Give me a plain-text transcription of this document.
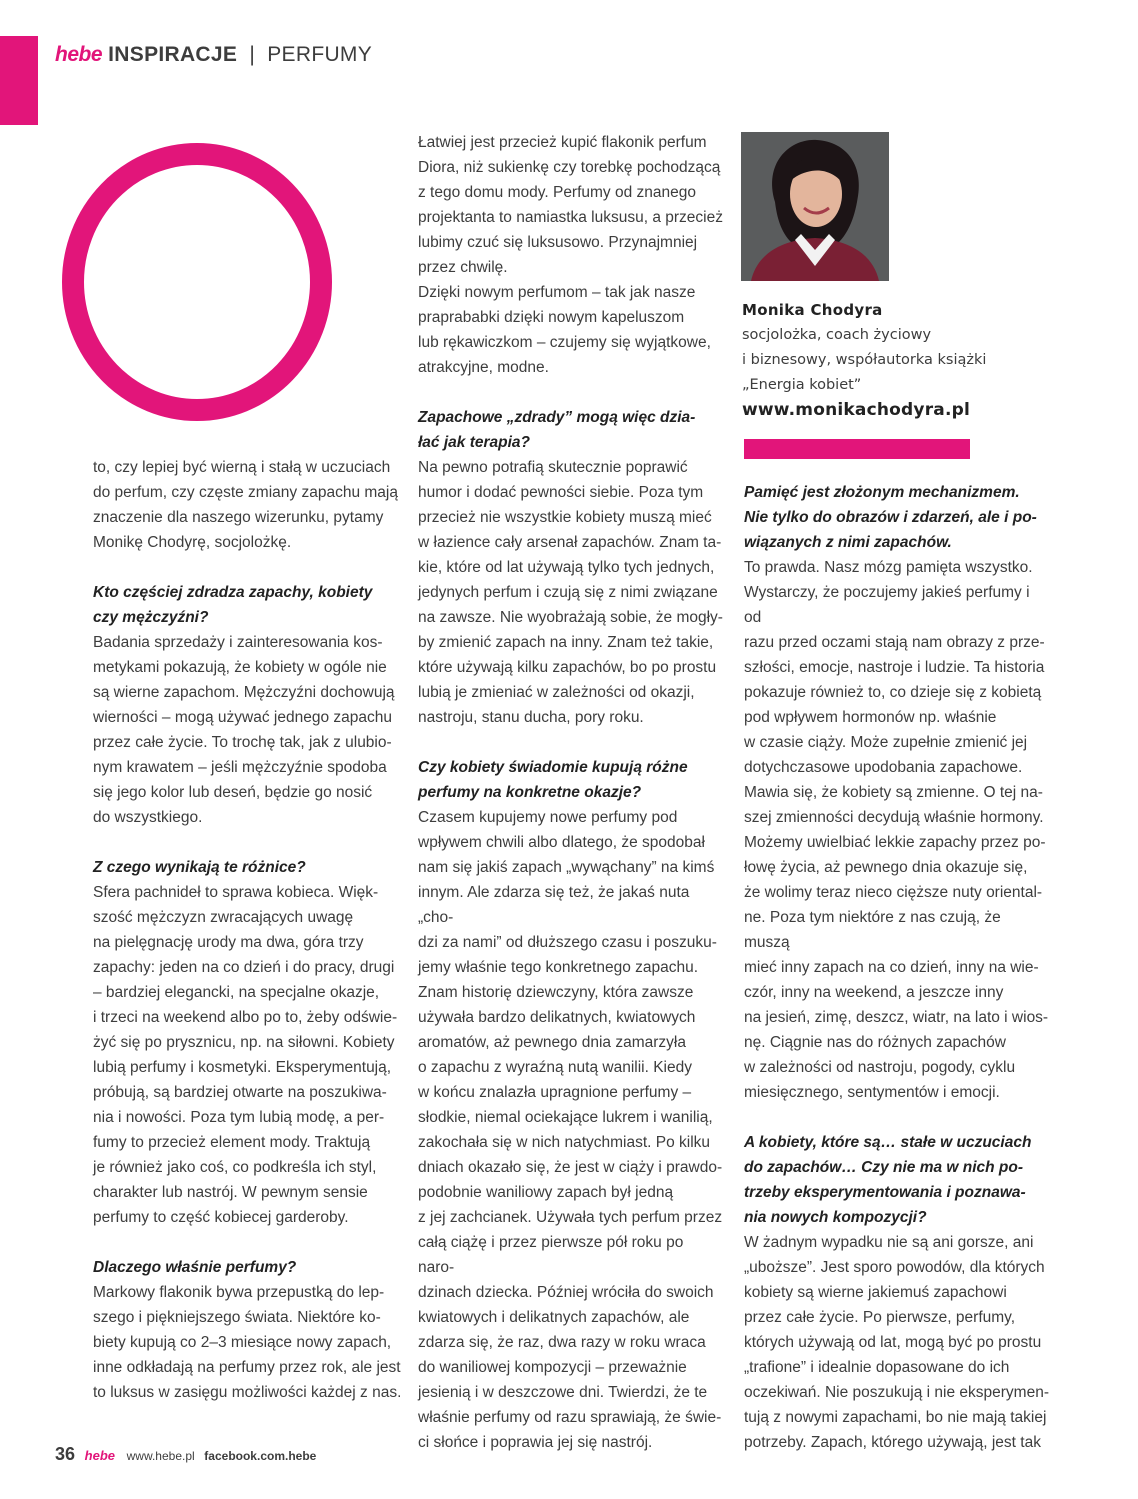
hebe INSPIRACJE | PERFUMY

to, czy lepiej być wierną i stałą w uczuciach
do perfum, czy częste zmiany zapachu mają
znaczenie dla naszego wizerunku, pytamy
Monikę Chodyrę, socjolożkę.

Kto częściej zdradza zapachy, kobiety
czy mężczyźni?

Badania sprzedaży i zainteresowania kos-
metykami pokazują, że kobiety w ogóle nie
są wierne zapachom. Mężczyźni dochowują
wierności – mogą używać jednego zapachu
przez całe życie. To trochę tak, jak z ulubio-
nym krawatem – jeśli mężczyźnie spodoba
się jego kolor lub deseń, będzie go nosić
do wszystkiego.

Z czego wynikają te różnice?

Sfera pachnideł to sprawa kobieca. Więk-
szość mężczyzn zwracających uwagę
na pielęgnację urody ma dwa, góra trzy
zapachy: jeden na co dzień i do pracy, drugi
– bardziej elegancki, na specjalne okazje,
i trzeci na weekend albo po to, żeby odświe-
żyć się po prysznicu, np. na siłowni. Kobiety
lubią perfumy i kosmetyki. Eksperymentują,
próbują, są bardziej otwarte na poszukiwa-
nia i nowości. Poza tym lubią modę, a per-
fumy to przecież element mody. Traktują
je również jako coś, co podkreśla ich styl,
charakter lub nastrój. W pewnym sensie
perfumy to część kobiecej garderoby.

Dlaczego właśnie perfumy?

Markowy flakonik bywa przepustką do lep-
szego i piękniejszego świata. Niektóre ko-
biety kupują co 2–3 miesiące nowy zapach,
inne odkładają na perfumy przez rok, ale jest
to luksus w zasięgu możliwości każdej z nas.

Łatwiej jest przecież kupić flakonik perfum
Diora, niż sukienkę czy torebkę pochodzącą
z tego domu mody. Perfumy od znanego
projektanta to namiastka luksusu, a przecież
lubimy czuć się luksusowo. Przynajmniej
przez chwilę.

Dzięki nowym perfumom – tak jak nasze
praprababki dzięki nowym kapeluszom
lub rękawiczkom – czujemy się wyjątkowe,
atrakcyjne, modne.

Zapachowe „zdrady” mogą więc dzia-
łać jak terapia?

Na pewno potrafią skutecznie poprawić
humor i dodać pewności siebie. Poza tym
przecież nie wszystkie kobiety muszą mieć
w łazience cały arsenał zapachów. Znam ta-
kie, które od lat używają tylko tych jednych,
jedynych perfum i czują się z nimi związane
na zawsze. Nie wyobrażają sobie, że mogły-
by zmienić zapach na inny. Znam też takie,
które używają kilku zapachów, bo po prostu
lubią je zmieniać w zależności od okazji,
nastroju, stanu ducha, pory roku.

Czy kobiety świadomie kupują różne
perfumy na konkretne okazje?

Czasem kupujemy nowe perfumy pod
wpływem chwili albo dlatego, że spodobał
nam się jakiś zapach „wywąchany” na kimś
innym. Ale zdarza się też, że jakaś nuta „cho-
dzi za nami” od dłuższego czasu i poszuku-
jemy właśnie tego konkretnego zapachu.
Znam historię dziewczyny, która zawsze
używała bardzo delikatnych, kwiatowych
aromatów, aż pewnego dnia zamarzyła
o zapachu z wyraźną nutą wanilii. Kiedy
w końcu znalazła upragnione perfumy –
słodkie, niemal ociekające lukrem i wanilią,
zakochała się w nich natychmiast. Po kilku
dniach okazało się, że jest w ciąży i prawdo-
podobnie waniliowy zapach był jedną
z jej zachcianek. Używała tych perfum przez
całą ciążę i przez pierwsze pół roku po naro-
dzinach dziecka. Później wróciła do swoich
kwiatowych i delikatnych zapachów, ale
zdarza się, że raz, dwa razy w roku wraca
do waniliowej kompozycji – przeważnie
jesienią i w deszczowe dni. Twierdzi, że te
właśnie perfumy od razu sprawiają, że świe-
ci słońce i poprawia jej się nastrój.

Monika Chodyra
socjolożka, coach życiowy
i biznesowy, współautorka książki
„Energia kobiet”
www.monikachodyra.pl
Pamięć jest złożonym mechanizmem.
Nie tylko do obrazów i zdarzeń, ale i po-
wiązanych z nimi zapachów.

To prawda. Nasz mózg pamięta wszystko.
Wystarczy, że poczujemy jakieś perfumy i od
razu przed oczami stają nam obrazy z prze-
szłości, emocje, nastroje i ludzie. Ta historia
pokazuje również to, co dzieje się z kobietą
pod wpływem hormonów np. właśnie
w czasie ciąży. Może zupełnie zmienić jej
dotychczasowe upodobania zapachowe.
Mawia się, że kobiety są zmienne. O tej na-
szej zmienności decydują właśnie hormony.
Możemy uwielbiać lekkie zapachy przez po-
łowę życia, aż pewnego dnia okazuje się,
że wolimy teraz nieco cięższe nuty oriental-
ne. Poza tym niektóre z nas czują, że muszą
mieć inny zapach na co dzień, inny na wie-
czór, inny na weekend, a jeszcze inny
na jesień, zimę, deszcz, wiatr, na lato i wios-
nę. Ciągnie nas do różnych zapachów
w zależności od nastroju, pogody, cyklu
miesięcznego, sentymentów i emocji.

A kobiety, które są… stałe w uczuciach
do zapachów… Czy nie ma w nich po-
trzeby eksperymentowania i poznawa-
nia nowych kompozycji?

W żadnym wypadku nie są ani gorsze, ani
„uboższe”. Jest sporo powodów, dla których
kobiety są wierne jakiemuś zapachowi
przez całe życie. Po pierwsze, perfumy,
których używają od lat, mogą być po prostu
„trafione” i idealnie dopasowane do ich
oczekiwań. Nie poszukują i nie eksperymen-
tują z nowymi zapachami, bo nie mają takiej
potrzeby. Zapach, którego używają, jest tak

36 hebe www.hebe.pl facebook.com.hebe
